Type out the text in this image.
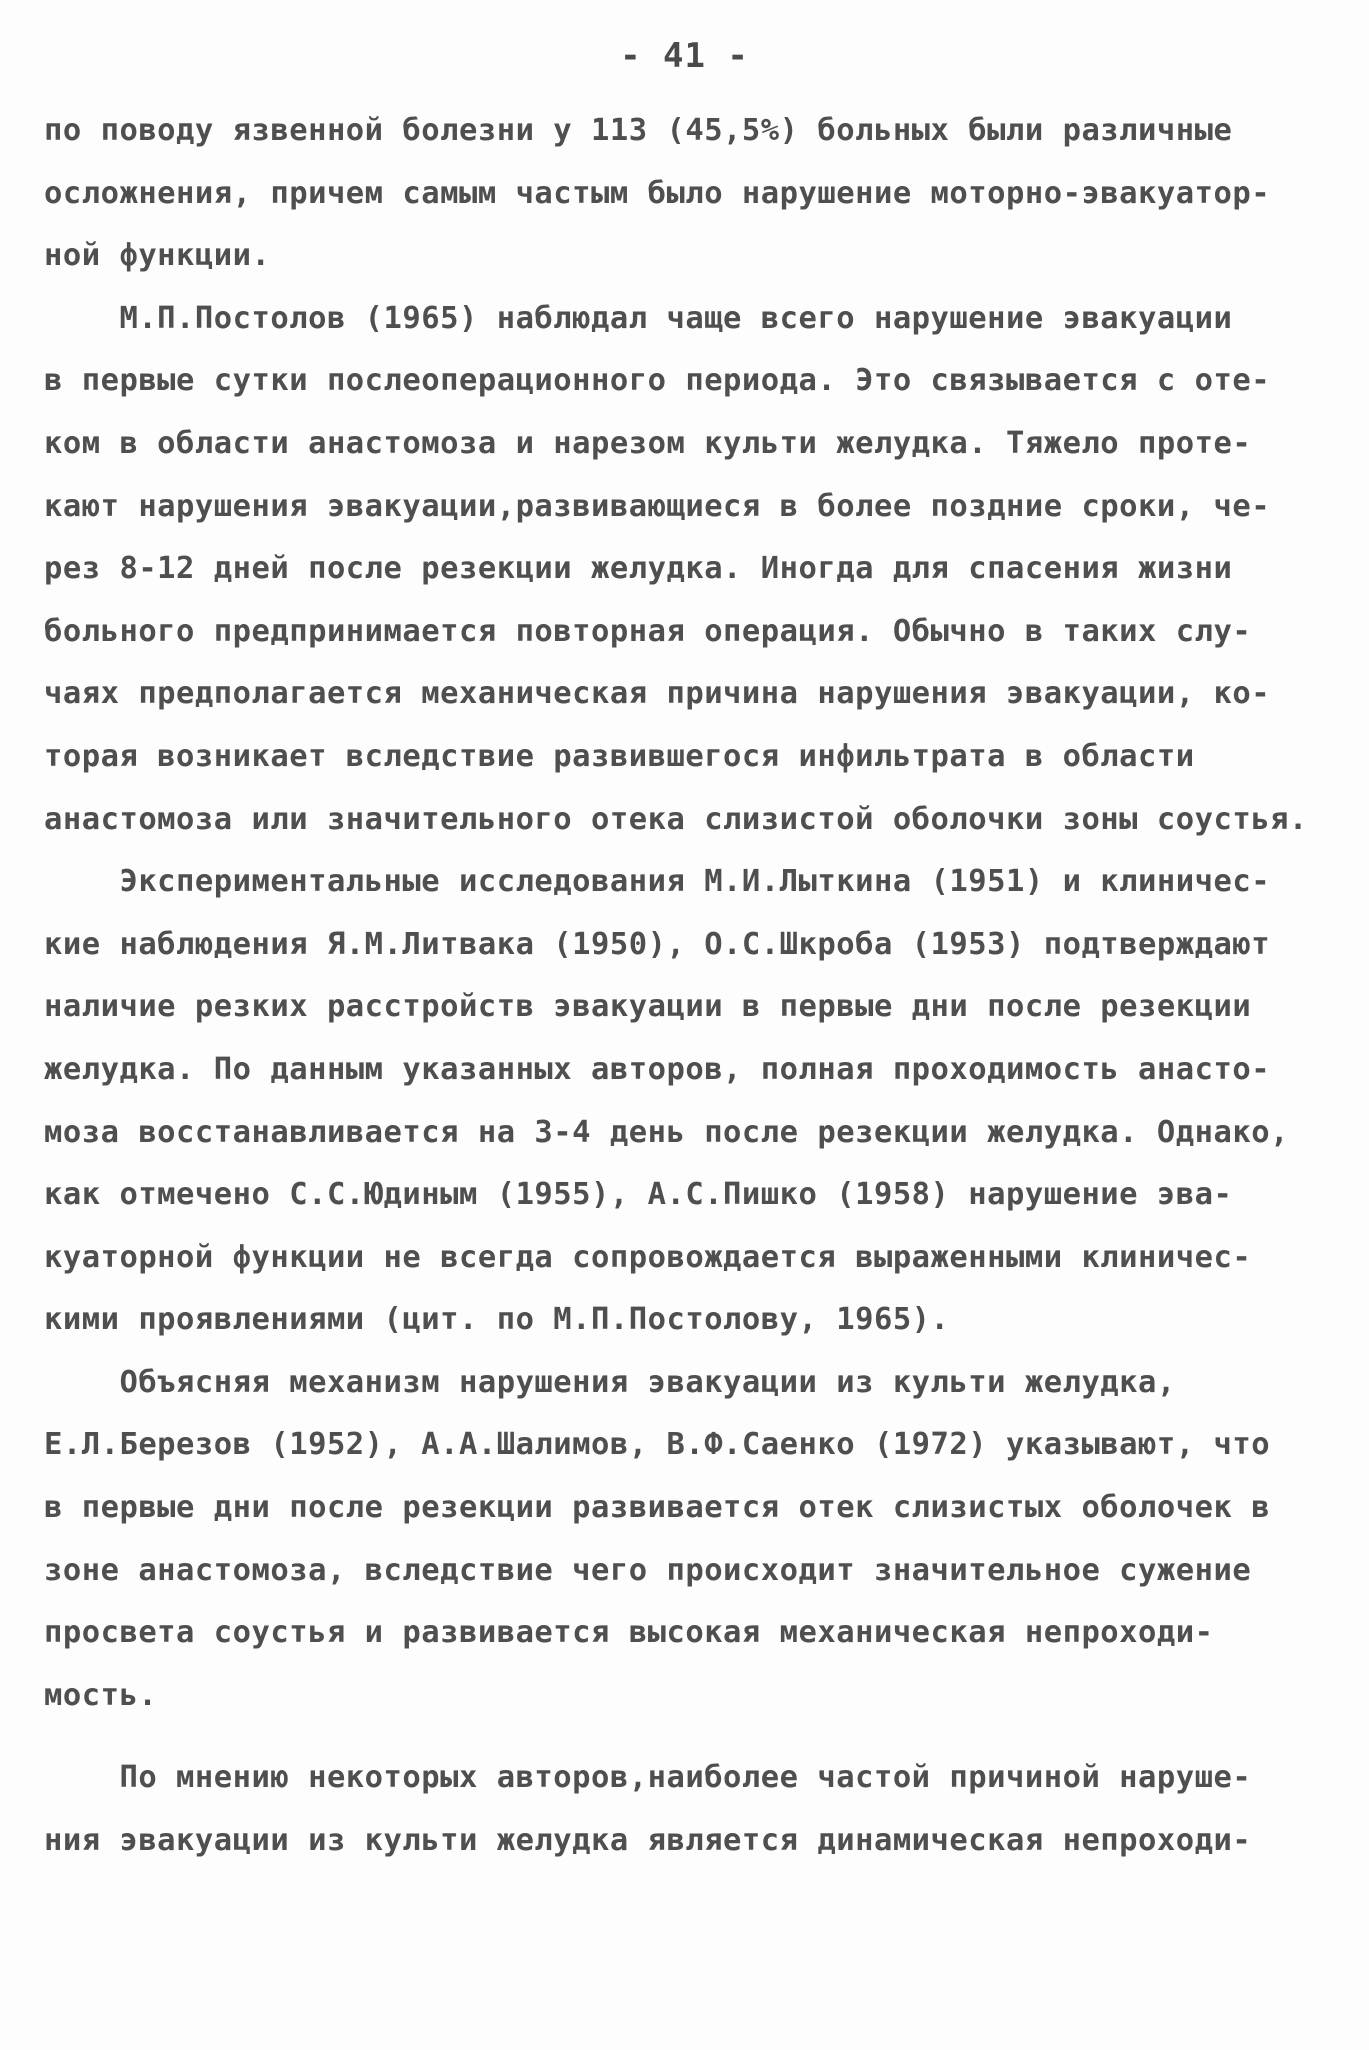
- 41 -
по поводу язвенной болезни у 113 (45,5%) больных были различные
осложнения, причем самым частым было нарушение моторно-эвакуатор-
ной функции.
М.П.Постолов (1965) наблюдал чаще всего нарушение эвакуации
в первые сутки послеоперационного периода. Это связывается с оте-
ком в области анастомоза и нарезом культи желудка. Тяжело проте-
кают нарушения эвакуации,развивающиеся в более поздние сроки, че-
рез 8-12 дней после резекции желудка. Иногда для спасения жизни
больного предпринимается повторная операция. Обычно в таких слу-
чаях предполагается механическая причина нарушения эвакуации, ко-
торая возникает вследствие развившегося инфильтрата в области
анастомоза или значительного отека слизистой оболочки зоны соустья.
Экспериментальные исследования М.И.Лыткина (1951) и клиничес-
кие наблюдения Я.М.Литвака (1950), О.С.Шкроба (1953) подтверждают
наличие резких расстройств эвакуации в первые дни после резекции
желудка. По данным указанных авторов, полная проходимость анасто-
моза восстанавливается на 3-4 день после резекции желудка. Однако,
как отмечено С.С.Юдиным (1955), А.С.Пишко (1958) нарушение эва-
куаторной функции не всегда сопровождается выраженными клиничес-
кими проявлениями (цит. по М.П.Постолову, 1965).
Объясняя механизм нарушения эвакуации из культи желудка,
Е.Л.Березов (1952), А.А.Шалимов, В.Ф.Саенко (1972) указывают, что
в первые дни после резекции развивается отек слизистых оболочек в
зоне анастомоза, вследствие чего происходит значительное сужение
просвета соустья и развивается высокая механическая непроходи-
мость.
По мнению некоторых авторов,наиболее частой причиной наруше-
ния эвакуации из культи желудка является динамическая непроходи-
